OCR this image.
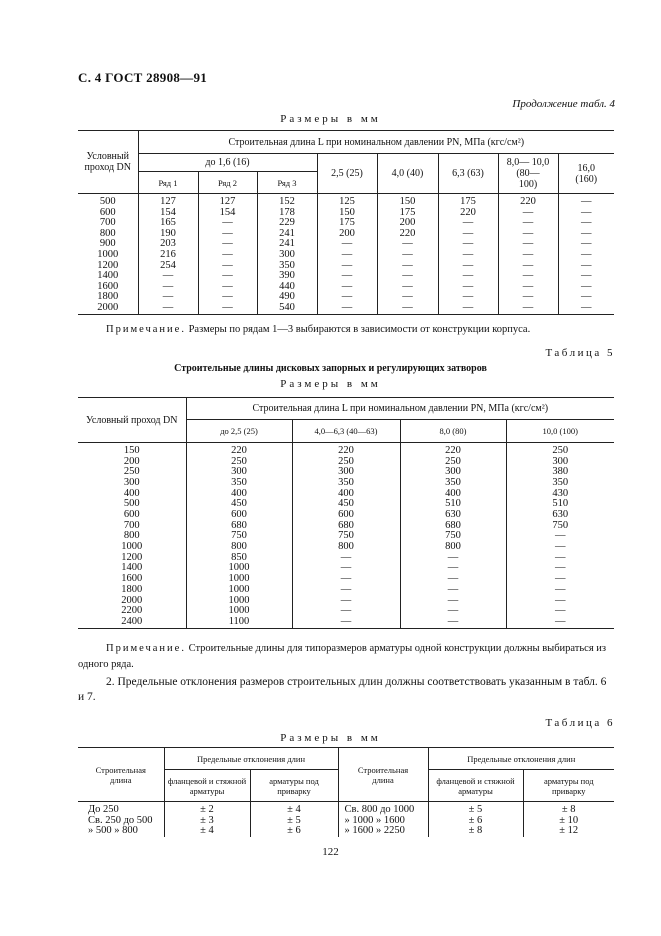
С. 4 ГОСТ 28908—91
Продолжение табл. 4
Размеры в мм
Условный проход DN	Строительная длина L при номинальном давлении PN, МПа (кгс/см²)							
	до 1,6 (16)			2,5 (25)	4,0 (40)	6,3 (63)	8,0— 10,0 (80— 100)	16,0 (160)
	Ряд 1	Ряд 2	Ряд 3					
500	127	127	152	125	150	175	220	—
600	154	154	178	150	175	220	—	—
700	165	—	229	175	200	—	—	—
800	190	—	241	200	220	—	—	—
900	203	—	241	—	—	—	—	—
1000	216	—	300	—	—	—	—	—
1200	254	—	350	—	—	—	—	—
1400	—	—	390	—	—	—	—	—
1600	—	—	440	—	—	—	—	—
1800	—	—	490	—	—	—	—	—
2000	—	—	540	—	—	—	—	—
Примечание. Размеры по рядам 1—3 выбираются в зависимости от конструкции корпуса.
Таблица 5
Строительные длины дисковых запорных и регулирующих затворов
Размеры в мм
Условный проход DN	Строительная длина L при номинальном давлении PN, МПа (кгс/см²)			
	до 2,5 (25)	4,0—6,3 (40—63)	8,0 (80)	10,0 (100)
150	220	220	220	250
200	250	250	250	300
250	300	300	300	380
300	350	350	350	350
400	400	400	400	430
500	450	450	510	510
600	600	600	630	630
700	680	680	680	750
800	750	750	750	—
1000	800	800	800	—
1200	850	—	—	—
1400	1000	—	—	—
1600	1000	—	—	—
1800	1000	—	—	—
2000	1000	—	—	—
2200	1000	—	—	—
2400	1100	—	—	—
Примечание. Строительные длины для типоразмеров арматуры одной конструкции должны выбираться из одного ряда.
2. Предельные отклонения размеров строительных длин должны соответствовать указанным в табл. 6 и 7.
Таблица 6
Размеры в мм
Строительная длина	Предельные отклонения длин		Строительная длина	Предельные отклонения длин	
	фланцевой и стяжной арматуры	арматуры под приварку		фланцевой и стяжной арматуры	арматуры под приварку
До 250	± 2	± 4	Св. 800 до 1000	± 5	± 8
Св. 250 до 500	± 3	± 5	» 1000 » 1600	± 6	± 10
» 500 » 800	± 4	± 6	» 1600 » 2250	± 8	± 12
122
